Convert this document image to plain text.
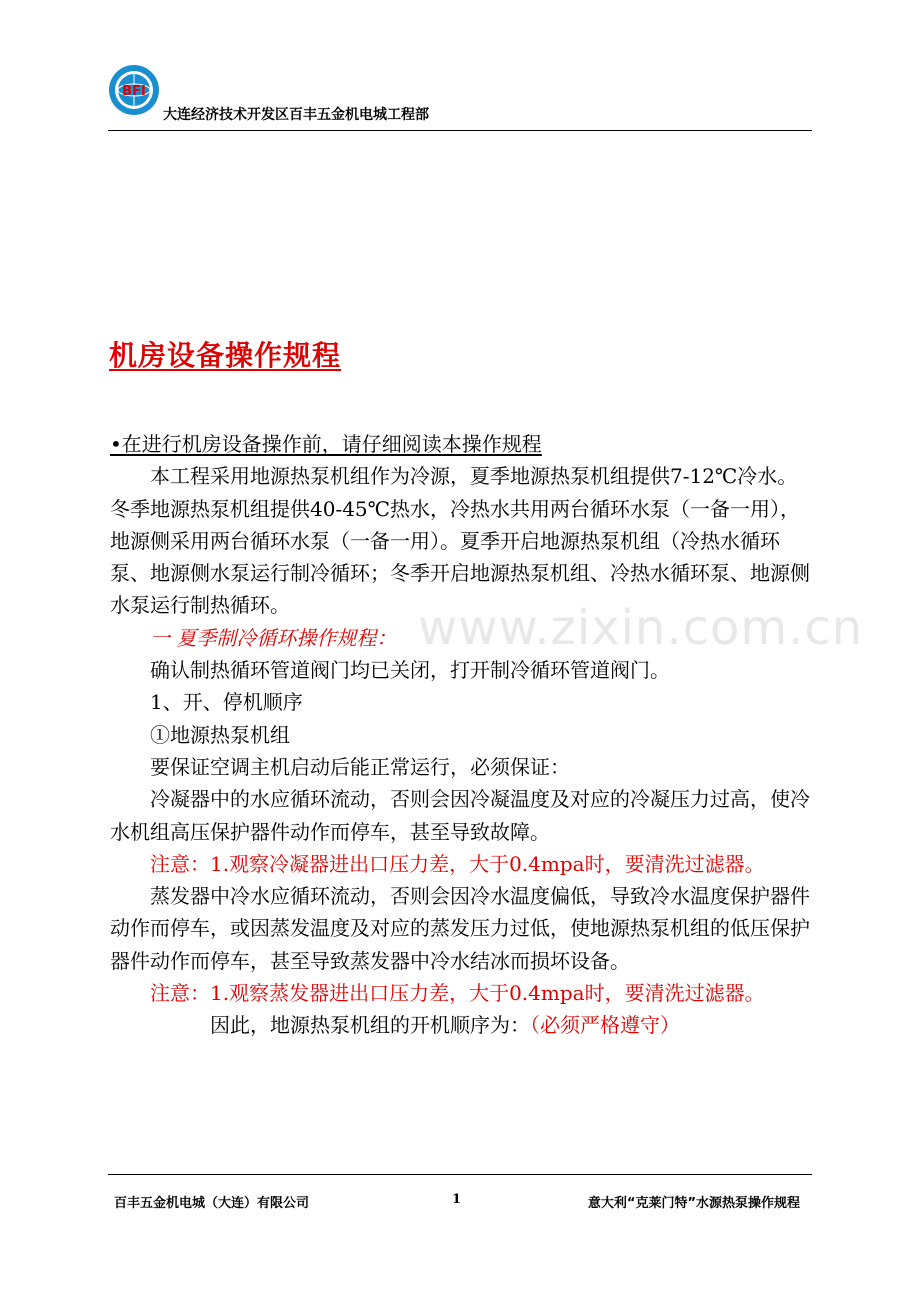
BFI
大连经济技术开发区百丰五金机电城工程部
机房设备操作规程
www.zixin.com.cn

•在进行机房设备操作前，请仔细阅读本操作规程

本工程采用地源热泵机组作为冷源，夏季地源热泵机组提供7-12℃冷水。冬季地源热泵机组提供40-45℃热水，冷热水共用两台循环水泵（一备一用），地源侧采用两台循环水泵（一备一用）。夏季开启地源热泵机组（冷热水循环泵、地源侧水泵运行制冷循环；冬季开启地源热泵机组、冷热水循环泵、地源侧水泵运行制热循环。

一 夏季制冷循环操作规程：

确认制热循环管道阀门均已关闭，打开制冷循环管道阀门。

1、开、停机顺序

①地源热泵机组

要保证空调主机启动后能正常运行，必须保证：

冷凝器中的水应循环流动，否则会因冷凝温度及对应的冷凝压力过高，使冷水机组高压保护器件动作而停车，甚至导致故障。

注意：1.观察冷凝器进出口压力差，大于0.4mpa时，要清洗过滤器。

蒸发器中冷水应循环流动，否则会因冷水温度偏低，导致冷水温度保护器件动作而停车，或因蒸发温度及对应的蒸发压力过低，使地源热泵机组的低压保护器件动作而停车，甚至导致蒸发器中冷水结冰而损坏设备。

注意：1.观察蒸发器进出口压力差，大于0.4mpa时，要清洗过滤器。

因此，地源热泵机组的开机顺序为：（必须严格遵守）

百丰五金机电城（大连）有限公司	1	意大利“克莱门特”水源热泵操作规程
